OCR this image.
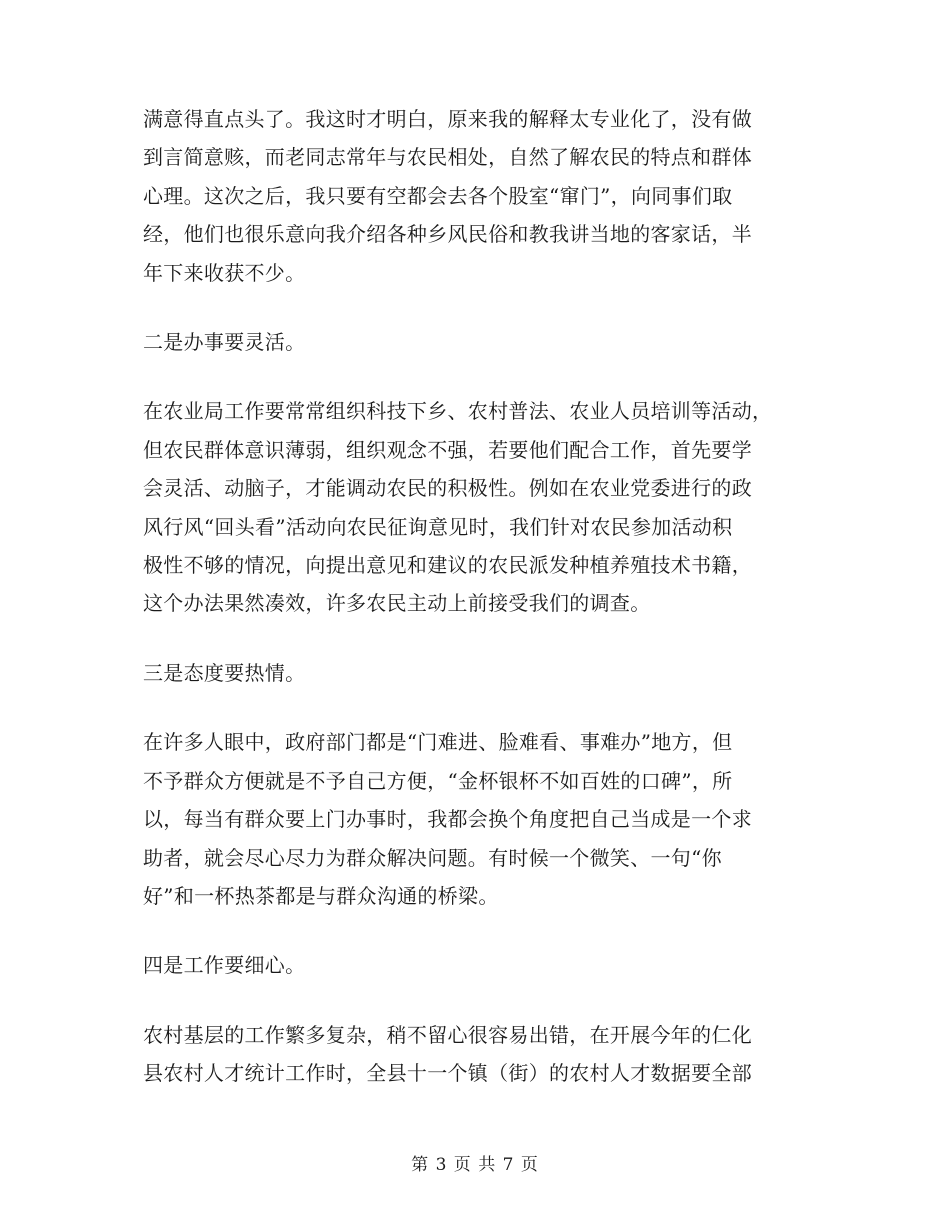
满意得直点头了。我这时才明白，原来我的解释太专业化了，没有做
到言简意赅，而老同志常年与农民相处，自然了解农民的特点和群体
心理。这次之后，我只要有空都会去各个股室“窜门”，向同事们取
经，他们也很乐意向我介绍各种乡风民俗和教我讲当地的客家话，半
年下来收获不少。

二是办事要灵活。

在农业局工作要常常组织科技下乡、农村普法、农业人员培训等活动，
但农民群体意识薄弱，组织观念不强，若要他们配合工作，首先要学
会灵活、动脑子，才能调动农民的积极性。例如在农业党委进行的政
风行风“回头看”活动向农民征询意见时，我们针对农民参加活动积
极性不够的情况，向提出意见和建议的农民派发种植养殖技术书籍，
这个办法果然凑效，许多农民主动上前接受我们的调查。

三是态度要热情。

在许多人眼中，政府部门都是“门难进、脸难看、事难办”地方，但
不予群众方便就是不予自己方便，“金杯银杯不如百姓的口碑”，所
以，每当有群众要上门办事时，我都会换个角度把自己当成是一个求
助者，就会尽心尽力为群众解决问题。有时候一个微笑、一句“你
好”和一杯热茶都是与群众沟通的桥梁。

四是工作要细心。

农村基层的工作繁多复杂，稍不留心很容易出错，在开展今年的仁化
县农村人才统计工作时，全县十一个镇（街）的农村人才数据要全部

第 3 页 共 7 页
